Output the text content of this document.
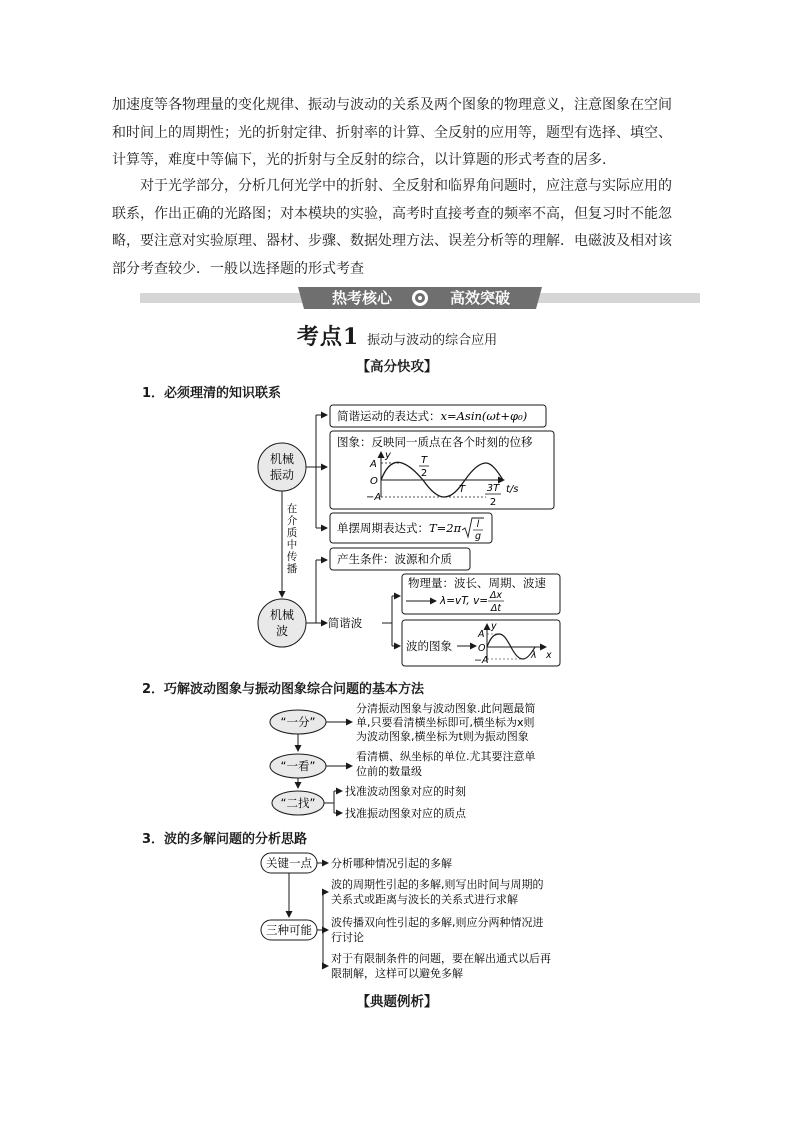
加速度等各物理量的变化规律、振动与波动的关系及两个图象的物理意义，注意图象在空间和时间上的周期性；光的折射定律、折射率的计算、全反射的应用等，题型有选择、填空、计算等，难度中等偏下，光的折射与全反射的综合，以计算题的形式考查的居多.

对于光学部分，分析几何光学中的折射、全反射和临界角问题时，应注意与实际应用的联系，作出正确的光路图；对本模块的实验，高考时直接考查的频率不高，但复习时不能忽略，要注意对实验原理、器材、步骤、数据处理方法、误差分析等的理解．电磁波及相对该部分考查较少．一般以选择题的形式考查

热考核心	高效突破
考点1 振动与波动的综合应用
【高分快攻】
1．必须理清的知识联系
机械
振动
机械
波
在
介
质
中
传
播
简谐运动的表达式：x=Asin(ωt+φ₀)
图象：反映同一质点在各个时刻的位移
y
A
O
−A
T
2
T 3T
2
t/s
单摆周期表达式：T=2π l
g
产生条件：波源和介质
简谐波
物理量：波长、周期、波速
λ=vT, v= Δx
Δt
波的图象
y
A
O
−A	λ x
2．巧解波动图象与振动图象综合问题的基本方法
“一分”
“一看”
“二找”
分清振动图象与波动图象.此问题最简
单,只要看清横坐标即可,横坐标为x则
为波动图象,横坐标为t则为振动图象
看清横、纵坐标的单位.尤其要注意单
位前的数量级
找准波动图象对应的时刻
找准振动图象对应的质点
3．波的多解问题的分析思路
关键一点
三种可能
分析哪种情况引起的多解
波的周期性引起的多解,则写出时间与周期的
关系式或距离与波长的关系式进行求解
波传播双向性引起的多解,则应分两种情况进
行讨论
对于有限制条件的问题，要在解出通式以后再
限制解，这样可以避免多解
【典题例析】
